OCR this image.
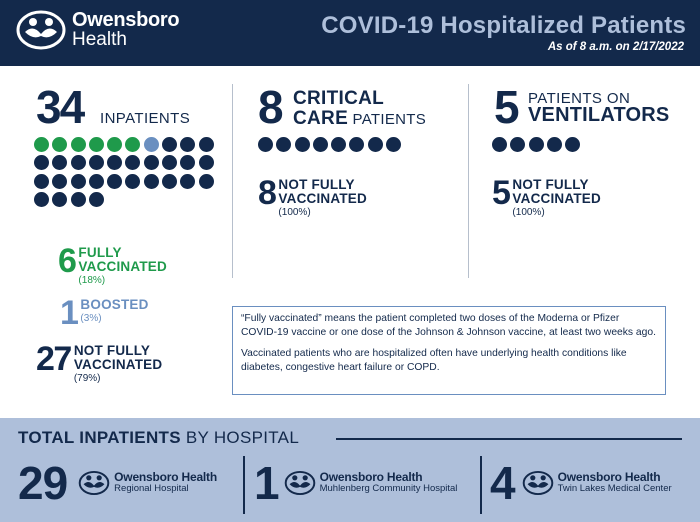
Owensboro
Health
COVID-19 Hospitalized Patients
As of 8 a.m. on 2/17/2022
34 INPATIENTS
6 FULLY
VACCINATED
(18%)
1 BOOSTED
(3%)
27 NOT FULLY
VACCINATED
(79%)
8 CRITICAL
CARE PATIENTS
8 NOT FULLY
VACCINATED
(100%)
5 PATIENTS ON
VENTILATORS
5 NOT FULLY
VACCINATED
(100%)

“Fully vaccinated” means the patient completed two doses of the Moderna or Pfizer COVID-19 vaccine or one dose of the Johnson & Johnson vaccine, at least two weeks ago.

Vaccinated patients who are hospitalized often have underlying health conditions like diabetes, congestive heart failure or COPD.

TOTAL INPATIENTS BY HOSPITAL
29	Owensboro Health
Regional Hospital	1	Owensboro Health
Muhlenberg Community Hospital 4	Owensboro Health
Twin Lakes Medical Center
